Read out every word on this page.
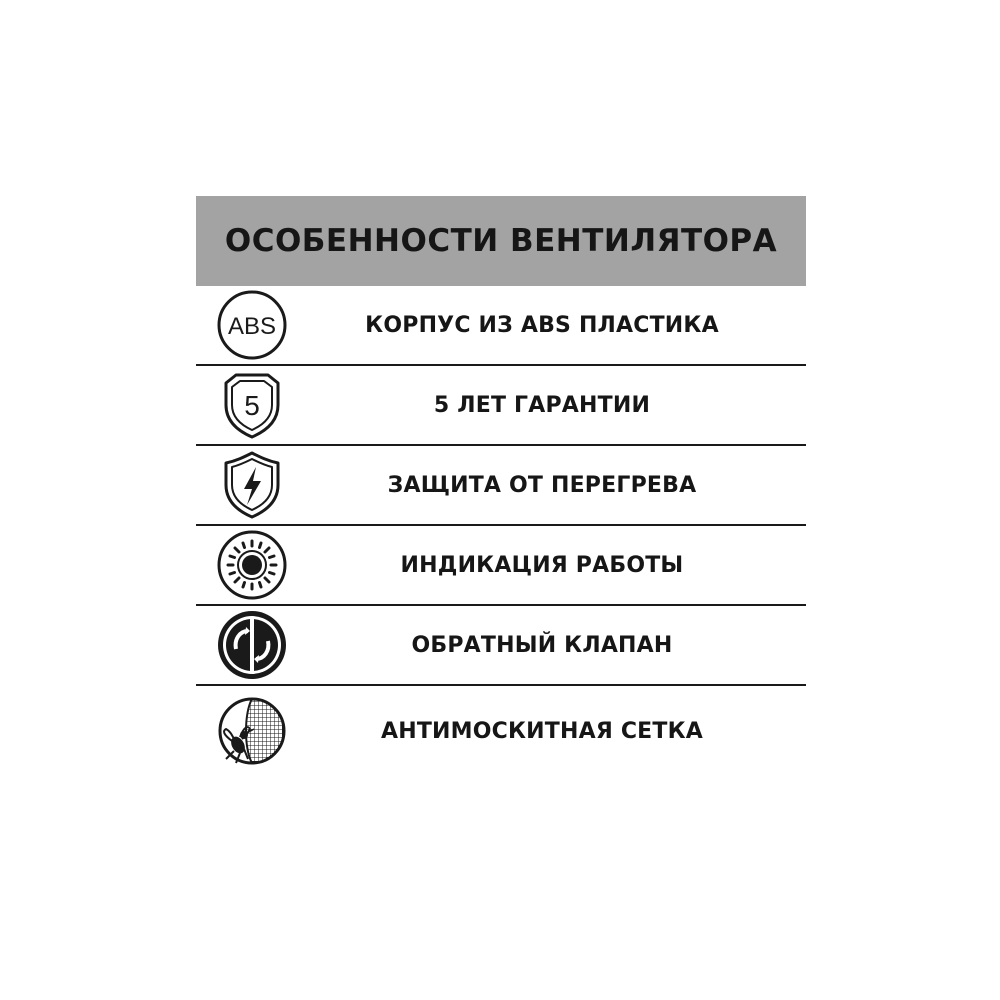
ОСОБЕННОСТИ ВЕНТИЛЯТОРА
ABS	КОРПУС ИЗ ABS ПЛАСТИКА
5	5 ЛЕТ ГАРАНТИИ
ЗАЩИТА ОТ ПЕРЕГРЕВА
ИНДИКАЦИЯ РАБОТЫ
ОБРАТНЫЙ КЛАПАН
АНТИМОСКИТНАЯ СЕТКА
